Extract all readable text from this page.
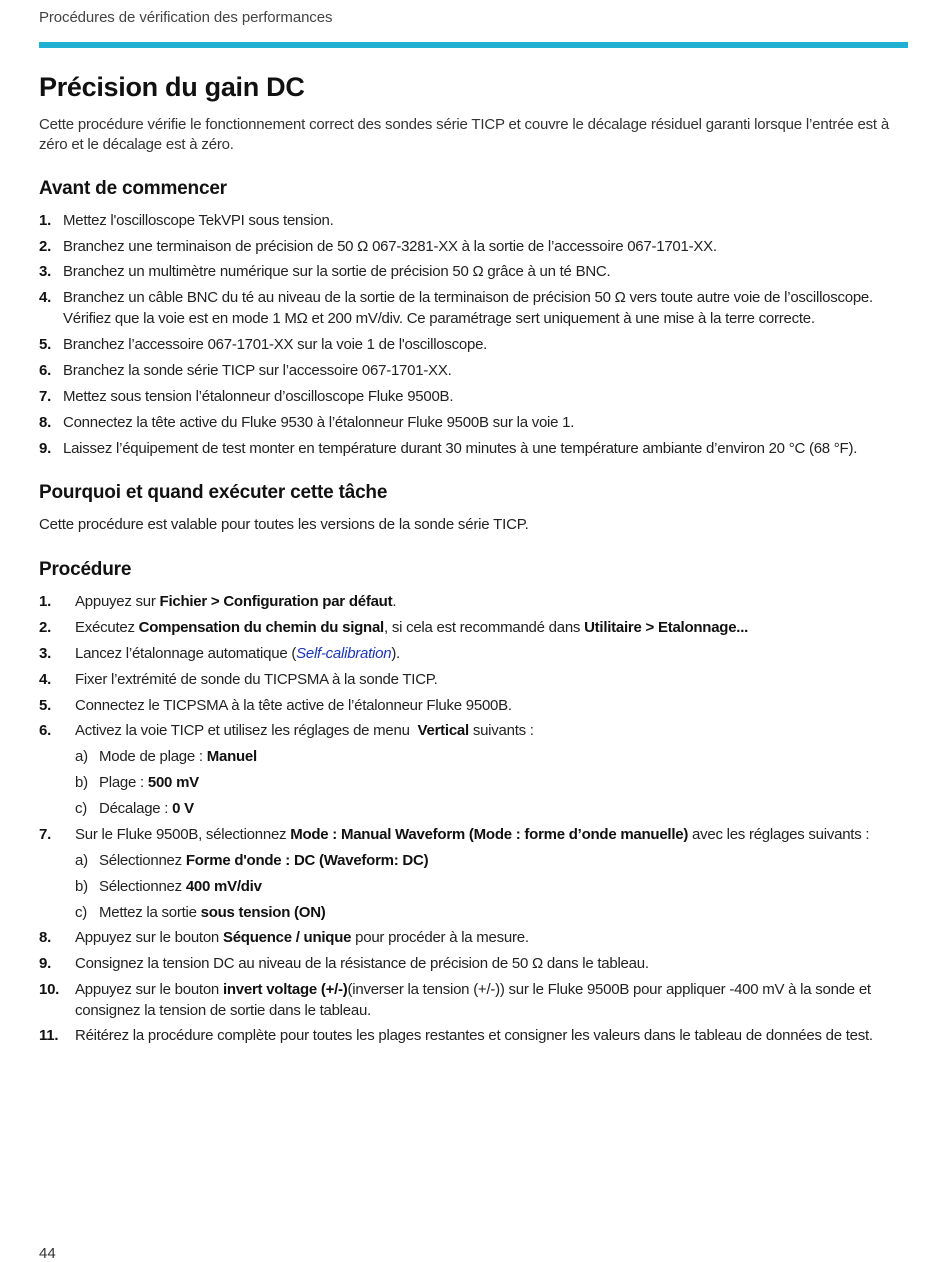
Procédures de vérification des performances
Précision du gain DC

Cette procédure vérifie le fonctionnement correct des sondes série TICP et couvre le décalage résiduel garanti lorsque l’entrée est à zéro et le décalage est à zéro.

Avant de commencer
1. Mettez l'oscilloscope TekVPI sous tension.
2. Branchez une terminaison de précision de 50 Ω 067-3281-XX à la sortie de l’accessoire 067-1701-XX.
3. Branchez un multimètre numérique sur la sortie de précision 50 Ω grâce à un té BNC.
4. Branchez un câble BNC du té au niveau de la sortie de la terminaison de précision 50 Ω vers toute autre voie de l’oscilloscope. Vérifiez que la voie est en mode 1 MΩ et 200 mV/div. Ce paramétrage sert uniquement à une mise à la terre correcte.
5. Branchez l’accessoire 067-1701-XX sur la voie 1 de l'oscilloscope.
6. Branchez la sonde série TICP sur l’accessoire 067-1701-XX.
7. Mettez sous tension l’étalonneur d’oscilloscope Fluke 9500B.
8. Connectez la tête active du Fluke 9530 à l’étalonneur Fluke 9500B sur la voie 1.
9. Laissez l’équipement de test monter en température durant 30 minutes à une température ambiante d’environ 20 °C (68 °F).
Pourquoi et quand exécuter cette tâche

Cette procédure est valable pour toutes les versions de la sonde série TICP.

Procédure
1. Appuyez sur Fichier > Configuration par défaut.
2. Exécutez Compensation du chemin du signal, si cela est recommandé dans Utilitaire > Etalonnage...
3. Lancez l’étalonnage automatique (Self-calibration).
4. Fixer l’extrémité de sonde du TICPSMA à la sonde TICP.
5. Connectez le TICPSMA à la tête active de l’étalonneur Fluke 9500B.
6. Activez la voie TICP et utilisez les réglages de menu  Vertical suivants :
a) Mode de plage : Manuel
b) Plage : 500 mV
c) Décalage : 0 V
7. Sur le Fluke 9500B, sélectionnez Mode : Manual Waveform (Mode : forme d’onde manuelle) avec les réglages suivants :
a) Sélectionnez Forme d'onde : DC (Waveform: DC)
b) Sélectionnez 400 mV/div
c) Mettez la sortie sous tension (ON)
8. Appuyez sur le bouton Séquence / unique pour procéder à la mesure.
9. Consignez la tension DC au niveau de la résistance de précision de 50 Ω dans le tableau.
10. Appuyez sur le bouton invert voltage (+/-)(inverser la tension (+/-)) sur le Fluke 9500B pour appliquer -400 mV à la sonde et consignez la tension de sortie dans le tableau.
11. Réitérez la procédure complète pour toutes les plages restantes et consigner les valeurs dans le tableau de données de test.
44
